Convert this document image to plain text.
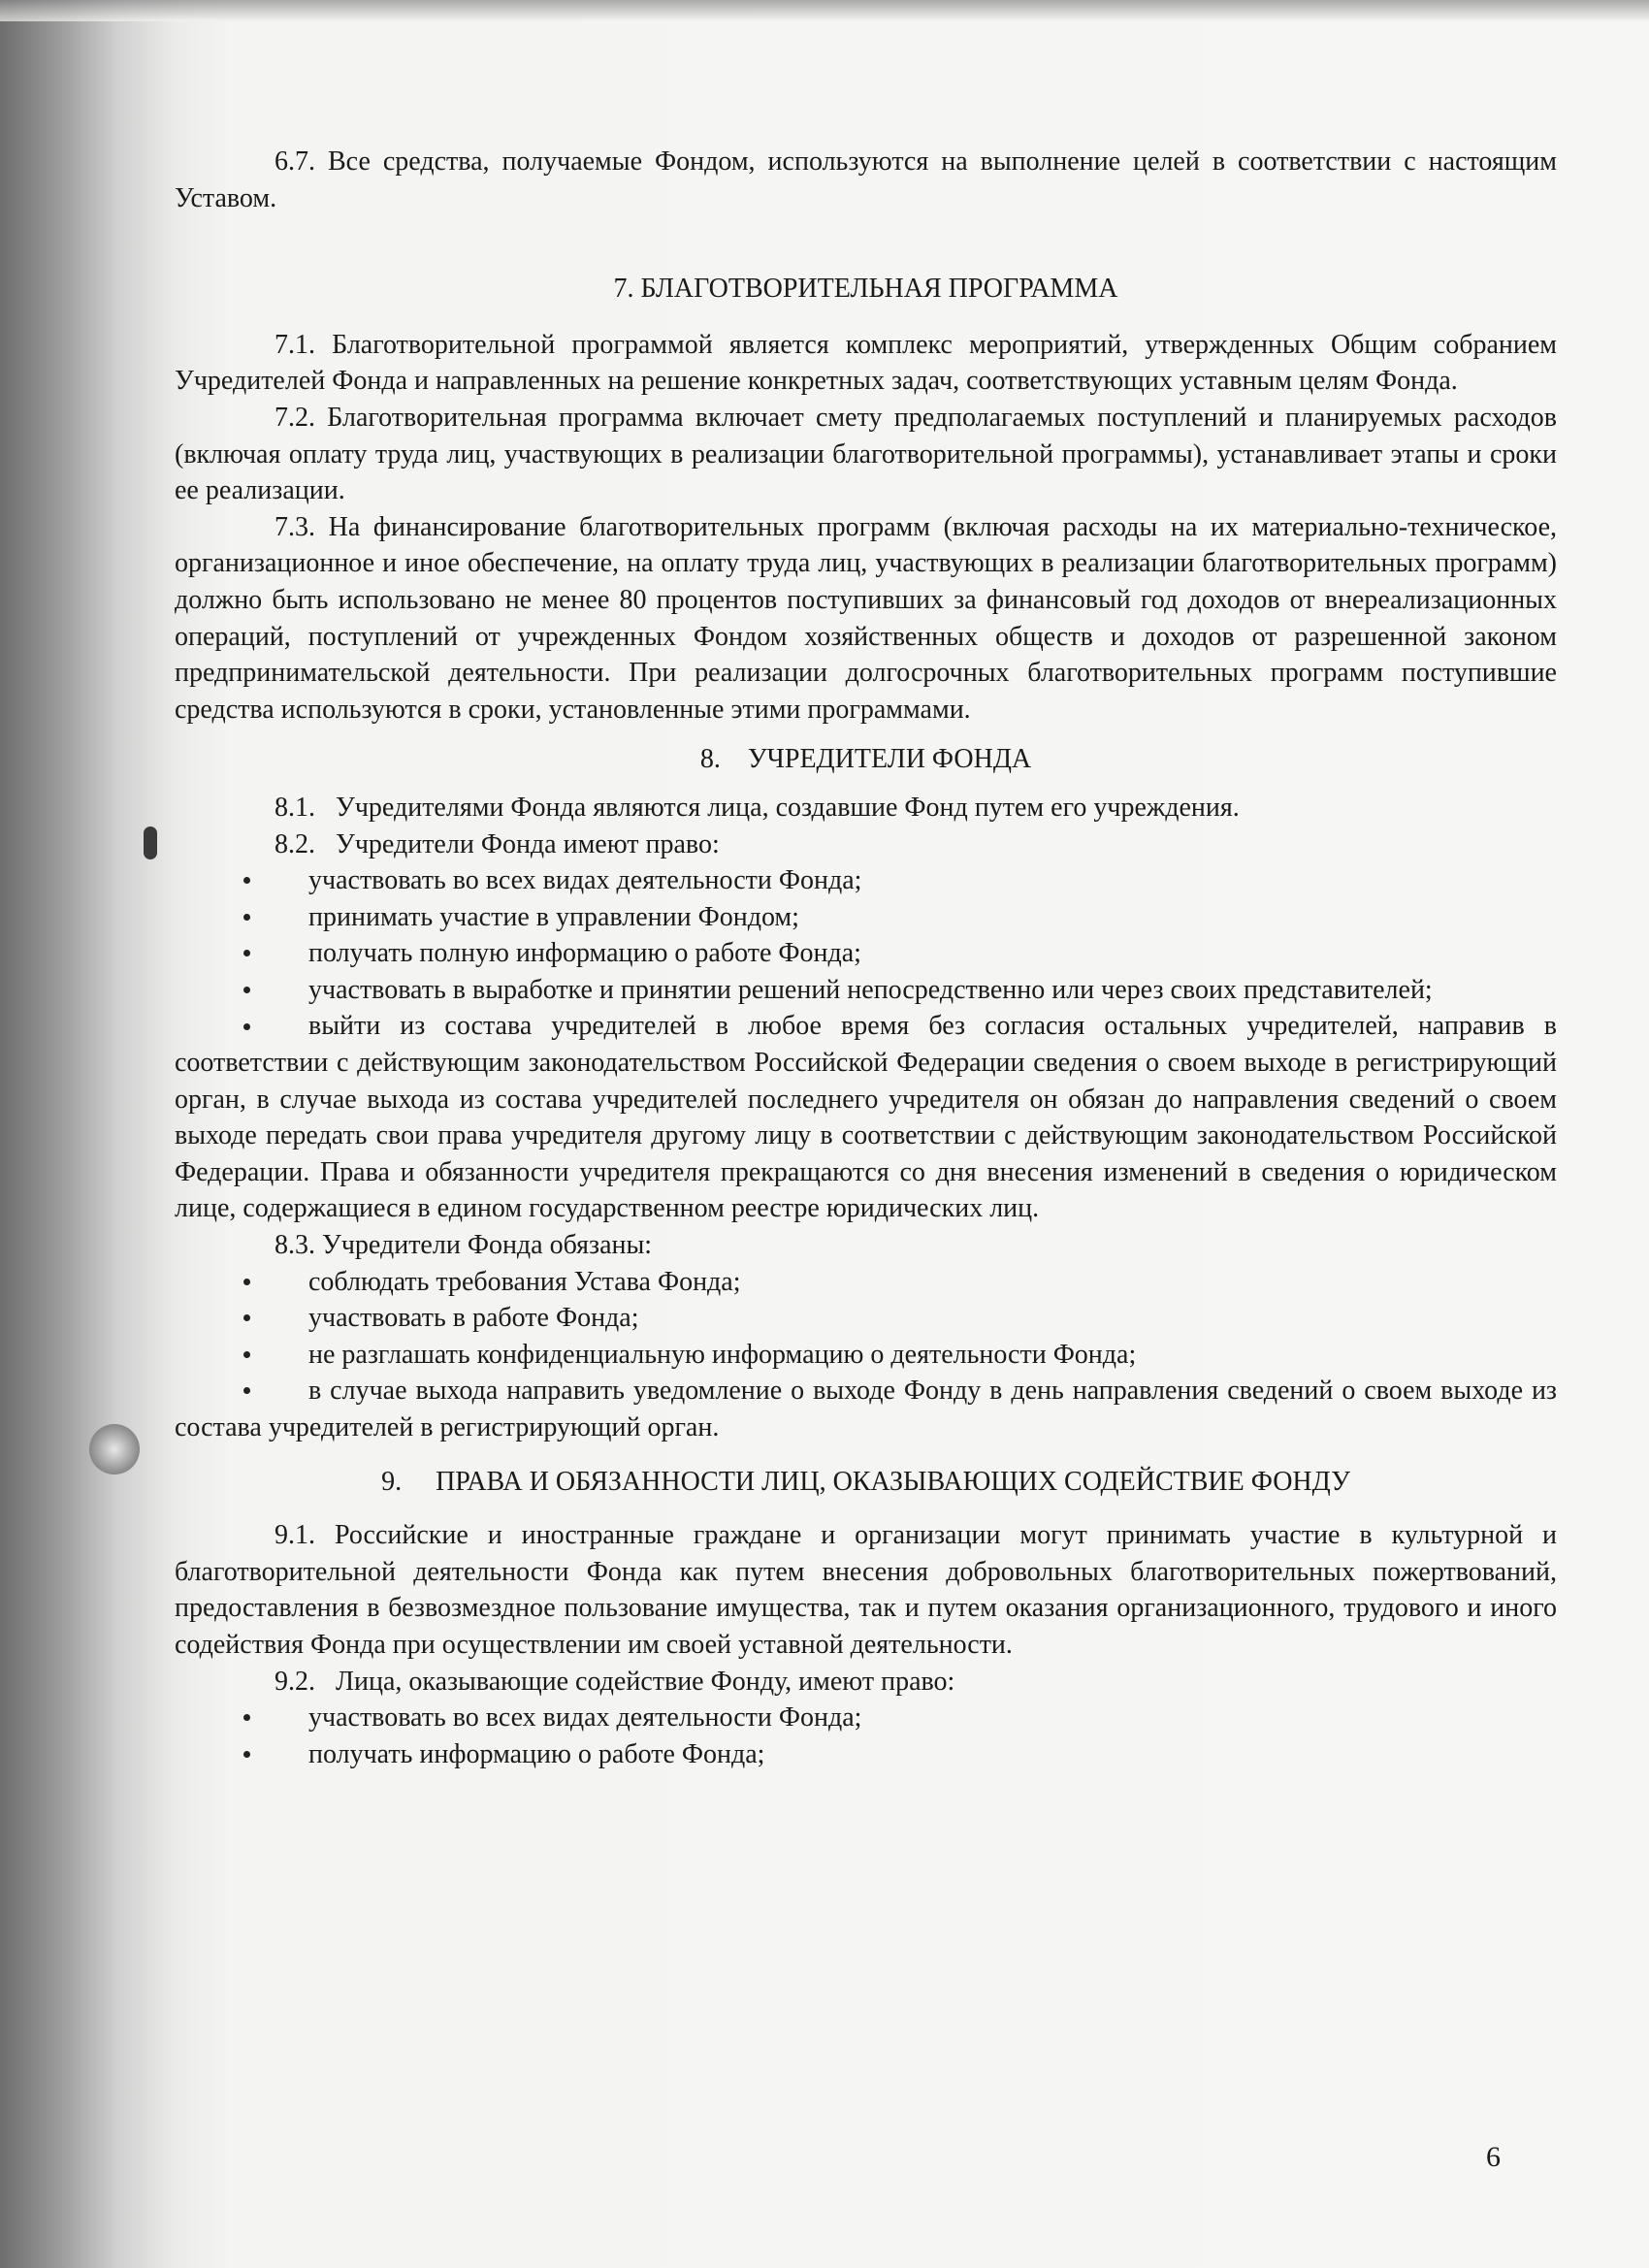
6.7. Все средства, получаемые Фондом, используются на выполнение целей в соответствии с настоящим Уставом.

7. БЛАГОТВОРИТЕЛЬНАЯ ПРОГРАММА

7.1. Благотворительной программой является комплекс мероприятий, утвержденных Общим собранием Учредителей Фонда и направленных на решение конкретных задач, соответствующих уставным целям Фонда.

7.2. Благотворительная программа включает смету предполагаемых поступлений и планируемых расходов (включая оплату труда лиц, участвующих в реализации благотворительной программы), устанавливает этапы и сроки ее реализации.

7.3. На финансирование благотворительных программ (включая расходы на их материально-техническое, организационное и иное обеспечение, на оплату труда лиц, участвующих в реализации благотворительных программ) должно быть использовано не менее 80 процентов поступивших за финансовый год доходов от внереализационных операций, поступлений от учрежденных Фондом хозяйственных обществ и доходов от разрешенной законом предпринимательской деятельности. При реализации долгосрочных благотворительных программ поступившие средства используются в сроки, установленные этими программами.

8.    УЧРЕДИТЕЛИ ФОНДА

8.1.   Учредителями Фонда являются лица, создавшие Фонд путем его учреждения.

8.2.   Учредители Фонда имеют право:

участвовать во всех видах деятельности Фонда;

принимать участие в управлении Фондом;

получать полную информацию о работе Фонда;

участвовать в выработке и принятии решений непосредственно или через своих представителей;

выйти из состава учредителей в любое время без согласия остальных учредителей, направив в соответствии с действующим законодательством Российской Федерации сведения о своем выходе в регистрирующий орган, в случае выхода из состава учредителей последнего учредителя он обязан до направления сведений о своем выходе передать свои права учредителя другому лицу в соответствии с действующим законодательством Российской Федерации. Права и обязанности учредителя прекращаются со дня внесения изменений в сведения о юридическом лице, содержащиеся в едином государственном реестре юридических лиц.

8.3. Учредители Фонда обязаны:

соблюдать требования Устава Фонда;

участвовать в работе Фонда;

не разглашать конфиденциальную информацию о деятельности Фонда;

в случае выхода направить уведомление о выходе Фонду в день направления сведений о своем выходе из состава учредителей в регистрирующий орган.

9.     ПРАВА И ОБЯЗАННОСТИ ЛИЦ, ОКАЗЫВАЮЩИХ СОДЕЙСТВИЕ ФОНДУ

9.1. Российские и иностранные граждане и организации могут принимать участие в культурной и благотворительной деятельности Фонда как путем внесения добровольных благотворительных пожертвований, предоставления в безвозмездное пользование имущества, так и путем оказания организационного, трудового и иного содействия Фонда при осуществлении им своей уставной деятельности.

9.2.   Лица, оказывающие содействие Фонду, имеют право:

участвовать во всех видах деятельности Фонда;

получать информацию о работе Фонда;

6
